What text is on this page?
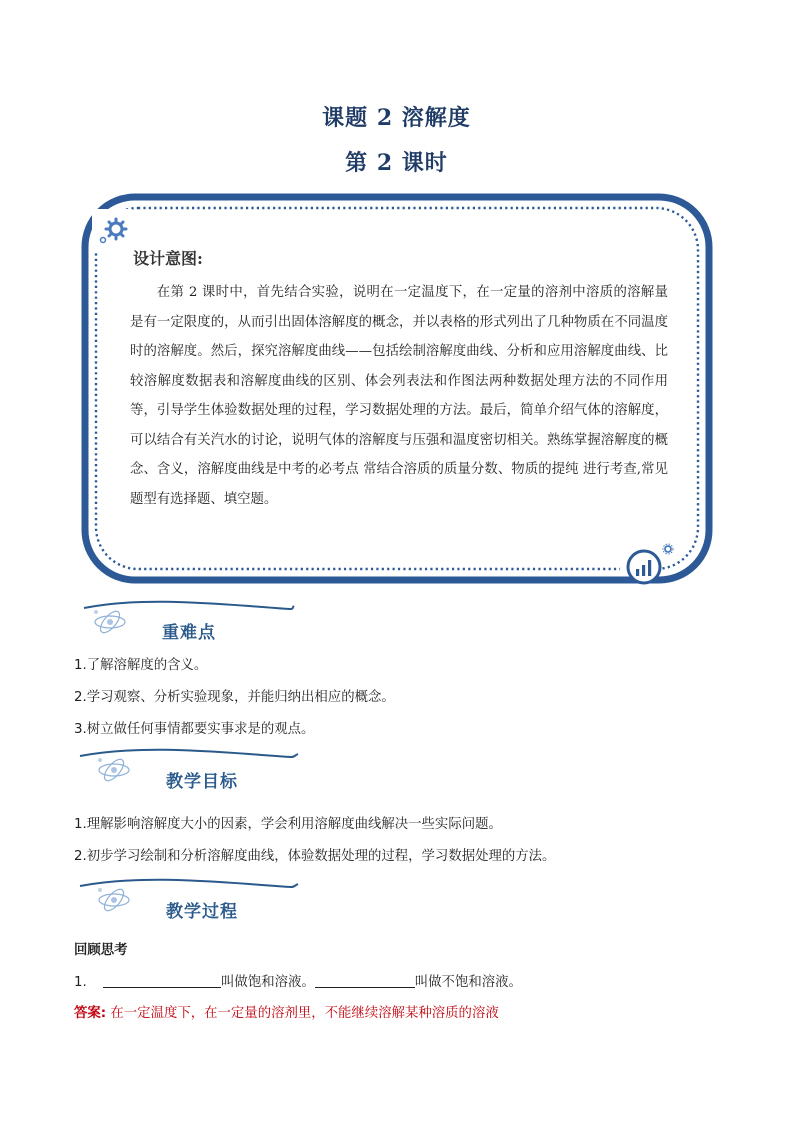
课题 2 溶解度
第 2 课时
设计意图:
在第 2 课时中，首先结合实验，说明在一定温度下，在一定量的溶剂中溶质的溶解量是有一定限度的，从而引出固体溶解度的概念，并以表格的形式列出了几种物质在不同温度时的溶解度。然后，探究溶解度曲线——包括绘制溶解度曲线、分析和应用溶解度曲线、比较溶解度数据表和溶解度曲线的区别、体会列表法和作图法两种数据处理方法的不同作用等，引导学生体验数据处理的过程，学习数据处理的方法。最后，简单介绍气体的溶解度，可以结合有关汽水的讨论，说明气体的溶解度与压强和温度密切相关。熟练掌握溶解度的概念、含义，溶解度曲线是中考的必考点 常结合溶质的质量分数、物质的提纯 进行考查,常见题型有选择题、填空题。
重难点
1.了解溶解度的含义。
2.学习观察、分析实验现象，并能归纳出相应的概念。
3.树立做任何事情都要实事求是的观点。
教学目标
1.理解影响溶解度大小的因素，学会利用溶解度曲线解决一些实际问题。
2.初步学习绘制和分析溶解度曲线，体验数据处理的过程，学习数据处理的方法。
教学过程
回顾思考
1.	叫做饱和溶液。	叫做不饱和溶液。
答案: 在一定温度下，在一定量的溶剂里，不能继续溶解某种溶质的溶液
